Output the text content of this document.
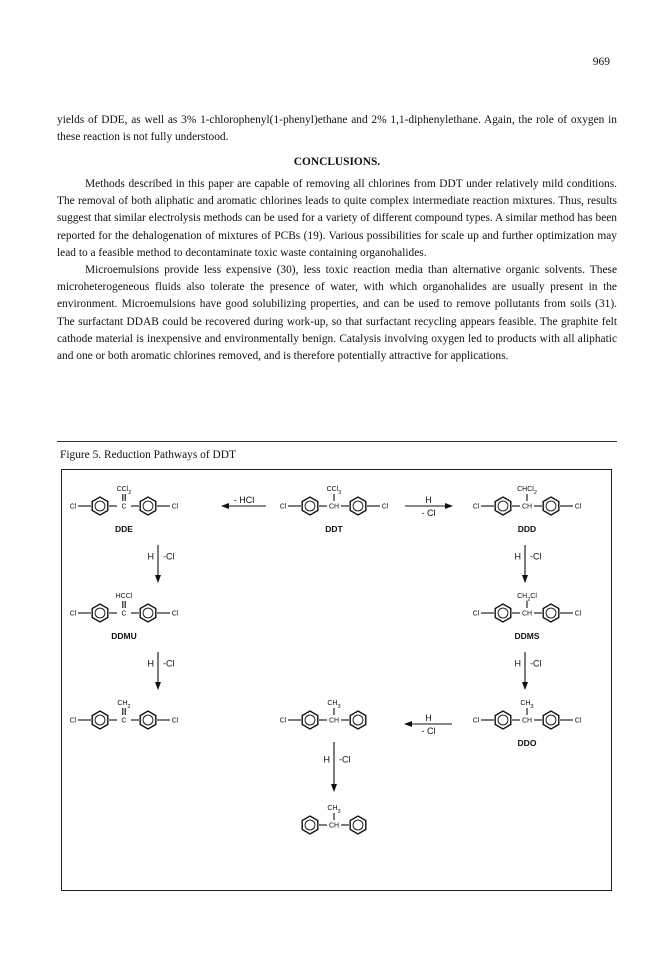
969

yields of DDE, as well as 3% 1-chlorophenyl(1-phenyl)ethane and 2% 1,1-diphenylethane. Again, the role of oxygen in these reaction is not fully understood.

CONCLUSIONS.

Methods described in this paper are capable of removing all chlorines from DDT under relatively mild conditions. The removal of both aliphatic and aromatic chlorines leads to quite complex intermediate reaction mixtures. Thus, results suggest that similar electrolysis methods can be used for a variety of different compound types. A similar method has been reported for the dehalogenation of mixtures of PCBs (19). Various possibilities for scale up and further optimization may lead to a feasible method to decontaminate toxic waste containing organohalides.

Microemulsions provide less expensive (30), less toxic reaction media than alternative organic solvents. These microheterogeneous fluids also tolerate the presence of water, with which organohalides are usually present in the environment. Microemulsions have good solubilizing properties, and can be used to remove pollutants from soils (31). The surfactant DDAB could be recovered during work-up, so that surfactant recycling appears feasible. The graphite felt cathode material is inexpensive and environmentally benign. Catalysis involving oxygen led to products with all aliphatic and one or both aromatic chlorines removed, and is therefore potentially attractive for applications.

Figure 5. Reduction Pathways of DDT
Cl	C	Cl
CCl$_2$
DDE
Cl	CH	Cl
CCl$_3$
DDT
Cl	CH	Cl
CHCl$_2$
DDD
Cl	C	Cl
HCCl
DDMU
Cl	CH	Cl
$CH_2Cl$
DDMS
Cl	C	Cl
$CH_2$
Cl	CH
$CH_3$
Cl	CH	Cl
$CH_3$
DDO
CH
$CH_3$
- HCl	H
- Cl
H -Cl	H -Cl
H -Cl	H -Cl
H
- Cl
H -Cl
